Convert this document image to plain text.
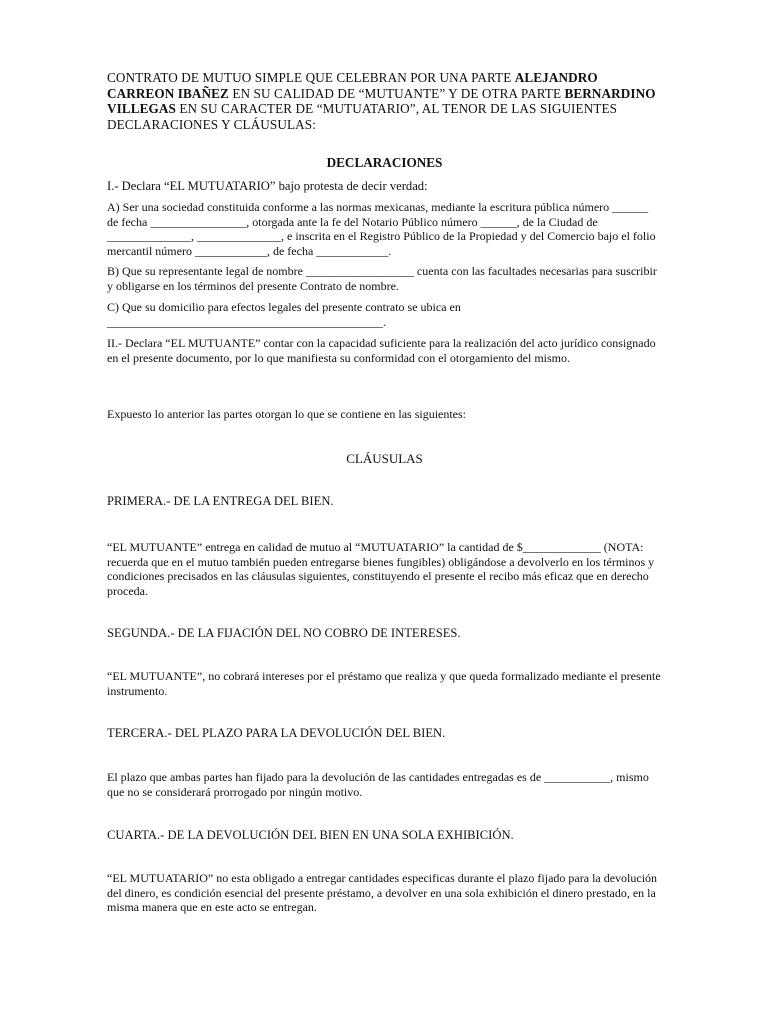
CONTRATO DE MUTUO SIMPLE QUE CELEBRAN POR UNA PARTE ALEJANDRO CARREON IBAÑEZ EN SU CALIDAD DE “MUTUANTE” Y DE OTRA PARTE BERNARDINO VILLEGAS EN SU CARACTER DE “MUTUATARIO”, AL TENOR DE LAS SIGUIENTES DECLARACIONES Y CLÁUSULAS:
DECLARACIONES
I.- Declara “EL MUTUATARIO” bajo protesta de decir verdad:
A) Ser una sociedad constituida conforme a las normas mexicanas, mediante la escritura pública número ______ de fecha ________________, otorgada ante la fe del Notario Público número ______, de la Ciudad de ______________, ______________, e inscrita en el Registro Público de la Propiedad y del Comercio bajo el folio mercantil número ____________, de fecha ____________.
B) Que su representante legal de nombre __________________ cuenta con las facultades necesarias para suscribir y obligarse en los términos del presente Contrato de nombre.
C) Que su domicilio para efectos legales del presente contrato se ubica en ______________________________________________.
II.- Declara “EL MUTUANTE” contar con la capacidad suficiente para la realización del acto jurídico consignado en el presente documento, por lo que manifiesta su conformidad con el otorgamiento del mismo.
Expuesto lo anterior las partes otorgan lo que se contiene en las siguientes:
CLÁUSULAS
PRIMERA.- DE LA ENTREGA DEL BIEN.
“EL MUTUANTE” entrega en calidad de mutuo al “MUTUATARIO” la cantidad de $_____________ (NOTA: recuerda que en el mutuo también pueden entregarse bienes fungibles) obligándose a devolverlo en los términos y condiciones precisados en las cláusulas siguientes, constituyendo el presente el recibo más eficaz que en derecho proceda.
SEGUNDA.- DE LA FIJACIÓN DEL NO COBRO DE INTERESES.
“EL MUTUANTE”, no cobrará intereses por el préstamo que realiza y que queda formalizado mediante el presente instrumento.
TERCERA.- DEL PLAZO PARA LA DEVOLUCIÓN DEL BIEN.
El plazo que ambas partes han fijado para la devolución de las cantidades entregadas es de ___________, mismo que no se considerará prorrogado por ningún motivo.
CUARTA.- DE LA DEVOLUCIÓN DEL BIEN EN UNA SOLA EXHIBICIÓN.
“EL MUTUATARIO” no esta obligado a entregar cantidades especificas durante el plazo fijado para la devolución del dinero, es condición esencial del presente préstamo, a devolver en una sola exhibición el dinero prestado, en la misma manera que en este acto se entregan.
